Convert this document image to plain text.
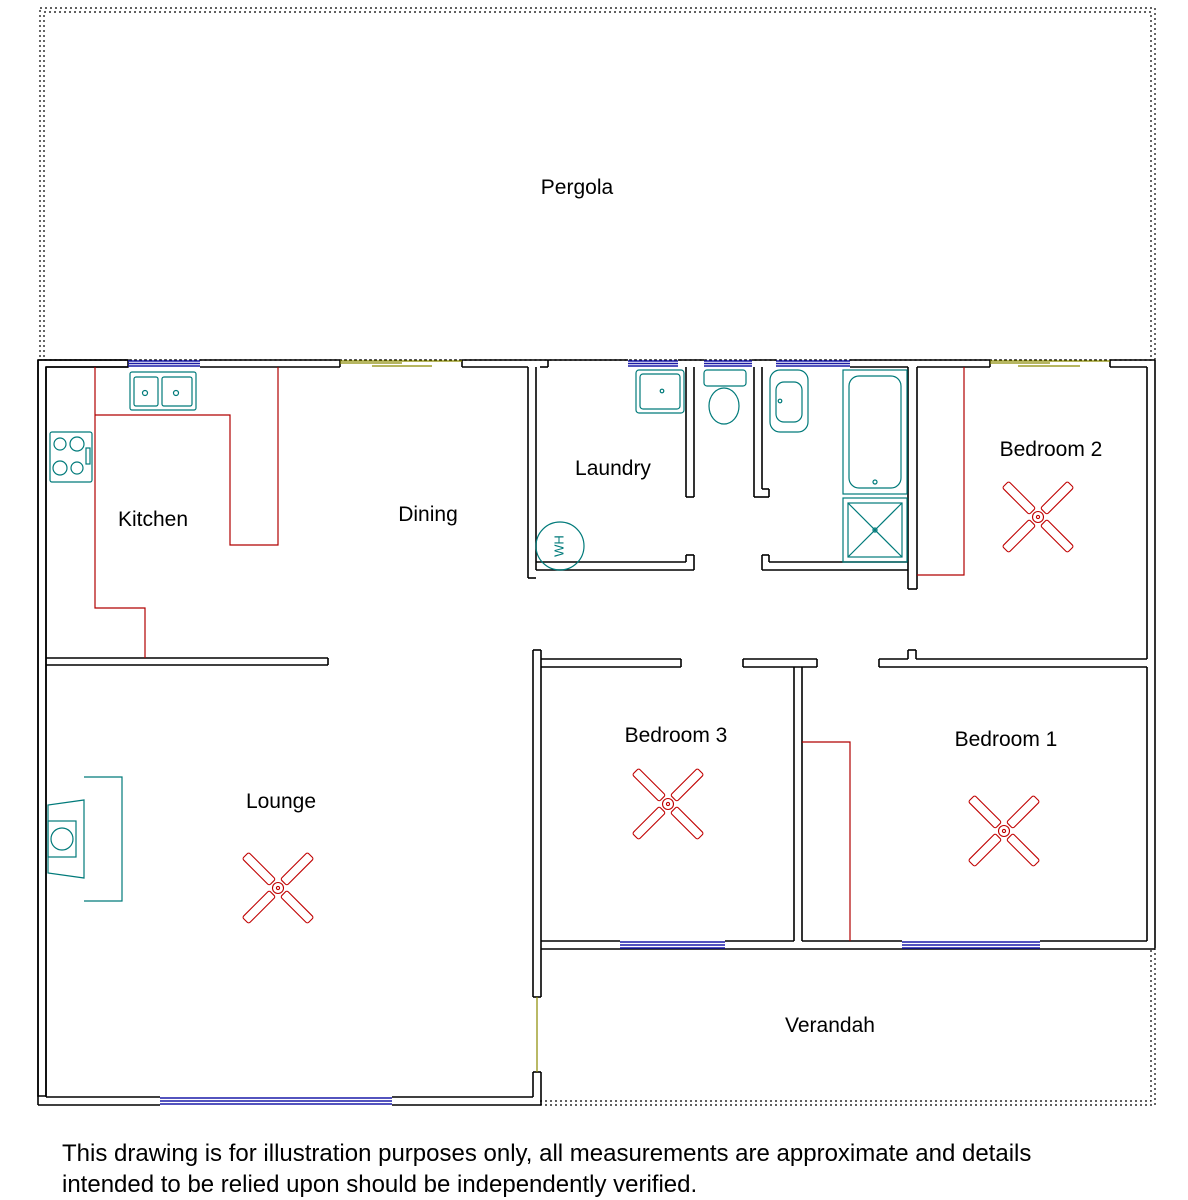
WH
Pergola
Kitchen	Dining
Laundry
Bedroom 2
Lounge
Bedroom 3	Bedroom 1
Verandah
This drawing is for illustration purposes only, all measurements are approximate and details
intended to be relied upon should be independently verified.
